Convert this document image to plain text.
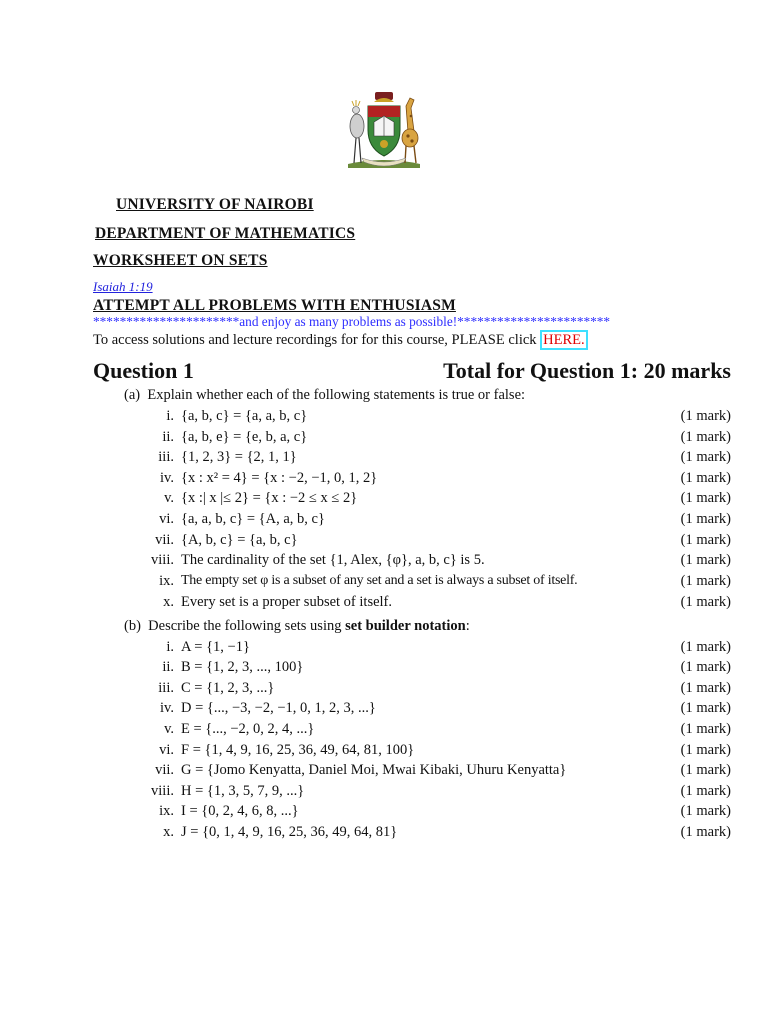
UNIVERSITY OF NAIROBI
DEPARTMENT OF MATHEMATICS
WORKSHEET ON SETS
Isaiah 1:19
ATTEMPT ALL PROBLEMS WITH ENTHUSIASM
**********************and enjoy as many problems as possible!***********************
To access solutions and lecture recordings for for this course, PLEASE click HERE.
Question 1	Total for Question 1: 20 marks
(a) Explain whether each of the following statements is true or false:
i. {a, b, c} = {a, a, b, c}	(1 mark)
ii. {a, b, e} = {e, b, a, c}	(1 mark)
iii. {1, 2, 3} = {2, 1, 1}	(1 mark)
iv. {x : x² = 4} = {x : −2, −1, 0, 1, 2}	(1 mark)
v. {x :| x |≤ 2} = {x : −2 ≤ x ≤ 2}	(1 mark)
vi. {a, a, b, c} = {A, a, b, c}	(1 mark)
vii. {A, b, c} = {a, b, c}	(1 mark)
viii. The cardinality of the set {1, Alex, {φ}, a, b, c} is 5.	(1 mark)
ix. The empty set φ is a subset of any set and a set is always a subset of itself.	(1 mark)
x. Every set is a proper subset of itself.	(1 mark)
(b) Describe the following sets using set builder notation:
i. A = {1, −1}	(1 mark)
ii. B = {1, 2, 3, ..., 100}	(1 mark)
iii. C = {1, 2, 3, ...}	(1 mark)
iv. D = {..., −3, −2, −1, 0, 1, 2, 3, ...}	(1 mark)
v. E = {..., −2, 0, 2, 4, ...}	(1 mark)
vi. F = {1, 4, 9, 16, 25, 36, 49, 64, 81, 100}	(1 mark)
vii. G = {Jomo Kenyatta, Daniel Moi, Mwai Kibaki, Uhuru Kenyatta}	(1 mark)
viii. H = {1, 3, 5, 7, 9, ...}	(1 mark)
ix. I = {0, 2, 4, 6, 8, ...}	(1 mark)
x. J = {0, 1, 4, 9, 16, 25, 36, 49, 64, 81}	(1 mark)
